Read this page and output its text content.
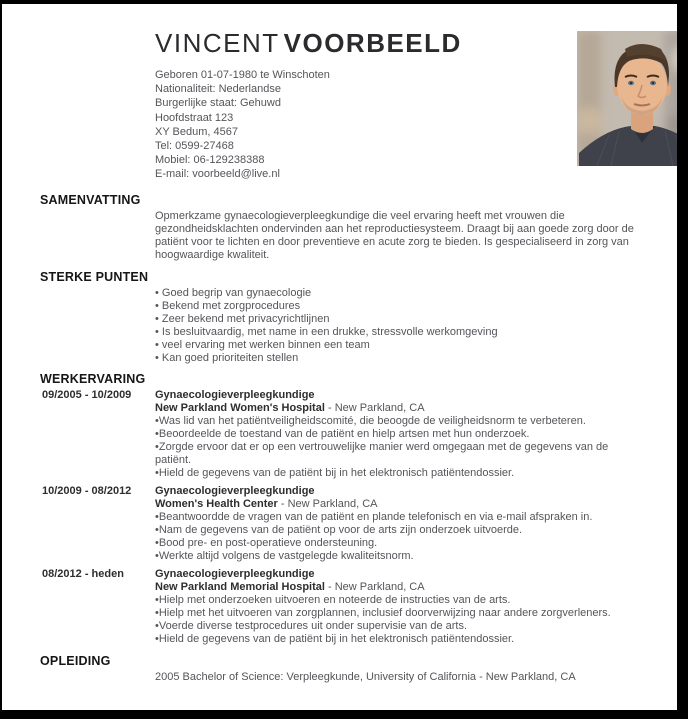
VINCENT VOORBEELD
Geboren 01-07-1980 te Winschoten
Nationaliteit: Nederlandse
Burgerlijke staat: Gehuwd
Hoofdstraat 123
XY Bedum, 4567
Tel: 0599-27468
Mobiel: 06-129238388
E-mail: voorbeeld@live.nl
SAMENVATTING

Opmerkzame gynaecologieverpleegkundige die veel ervaring heeft met vrouwen die gezondheidsklachten ondervinden aan het reproductiesysteem. Draagt bij aan goede zorg door de patiënt voor te lichten en door preventieve en acute zorg te bieden. Is gespecialiseerd in zorg van hoogwaardige kwaliteit.

STERKE PUNTEN
• Goed begrip van gynaecologie
• Bekend met zorgprocedures
• Zeer bekend met privacyrichtlijnen
• Is besluitvaardig, met name in een drukke, stressvolle werkomgeving
• veel ervaring met werken binnen een team
• Kan goed prioriteiten stellen
WERKERVARING
09/2005 - 10/2009 Gynaecologieverpleegkundige
New Parkland Women's Hospital - New Parkland, CA

• Was lid van het patiëntveiligheidscomité, die beoogde de veiligheidsnorm te verbeteren.

• Beoordeelde de toestand van de patiënt en hielp artsen met hun onderzoek.

• Zorgde ervoor dat er op een vertrouwelijke manier werd omgegaan met de gegevens van de patiënt.

• Hield de gegevens van de patiënt bij in het elektronisch patiëntendossier.

10/2009 - 08/2012 Gynaecologieverpleegkundige
Women's Health Center - New Parkland, CA

• Beantwoordde de vragen van de patiënt en plande telefonisch en via e-mail afspraken in.

• Nam de gegevens van de patiënt op voor de arts zijn onderzoek uitvoerde.

• Bood pre- en post-operatieve ondersteuning.

• Werkte altijd volgens de vastgelegde kwaliteitsnorm.

08/2012 - heden	Gynaecologieverpleegkundige
New Parkland Memorial Hospital - New Parkland, CA

• Hielp met onderzoeken uitvoeren en noteerde de instructies van de arts.

• Hielp met het uitvoeren van zorgplannen, inclusief doorverwijzing naar andere zorgverleners.

• Voerde diverse testprocedures uit onder supervisie van de arts.

• Hield de gegevens van de patiënt bij in het elektronisch patiëntendossier.

OPLEIDING

2005 Bachelor of Science: Verpleegkunde, University of California - New Parkland, CA
